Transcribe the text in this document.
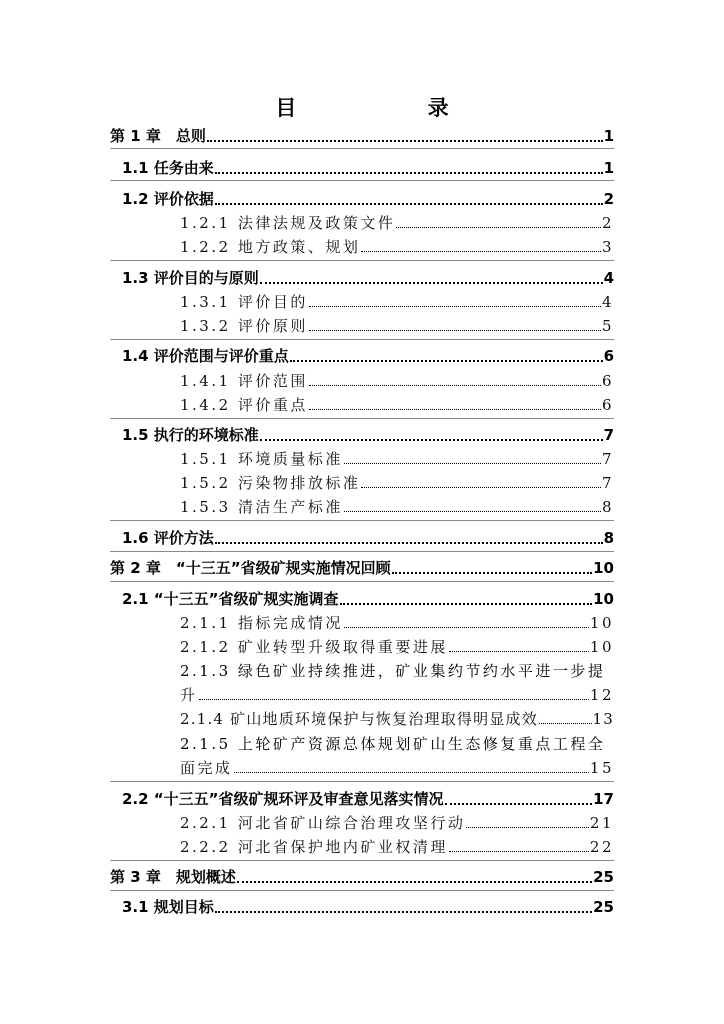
目 录
第 1 章　总则	1
1.1 任务由来	1
1.2 评价依据	2
1.2.1 法律法规及政策文件	2
1.2.2 地方政策、规划	3
1.3 评价目的与原则	4
1.3.1 评价目的	4
1.3.2 评价原则	5
1.4 评价范围与评价重点	6
1.4.1 评价范围	6
1.4.2 评价重点	6
1.5 执行的环境标准	7
1.5.1 环境质量标准	7
1.5.2 污染物排放标准	7
1.5.3 清洁生产标准	8
1.6 评价方法	8
第 2 章　“十三五”省级矿规实施情况回顾	10
2.1 “十三五”省级矿规实施调查	10
2.1.1 指标完成情况	10
2.1.2 矿业转型升级取得重要进展	10
2.1.3 绿色矿业持续推进，矿业集约节约水平进一步提
升	12
2.1.4 矿山地质环境保护与恢复治理取得明显成效	13
2.1.5 上轮矿产资源总体规划矿山生态修复重点工程全
面完成	15
2.2 “十三五”省级矿规环评及审查意见落实情况	17
2.2.1 河北省矿山综合治理攻坚行动	21
2.2.2 河北省保护地内矿业权清理	22
第 3 章　规划概述	25
3.1 规划目标	25
